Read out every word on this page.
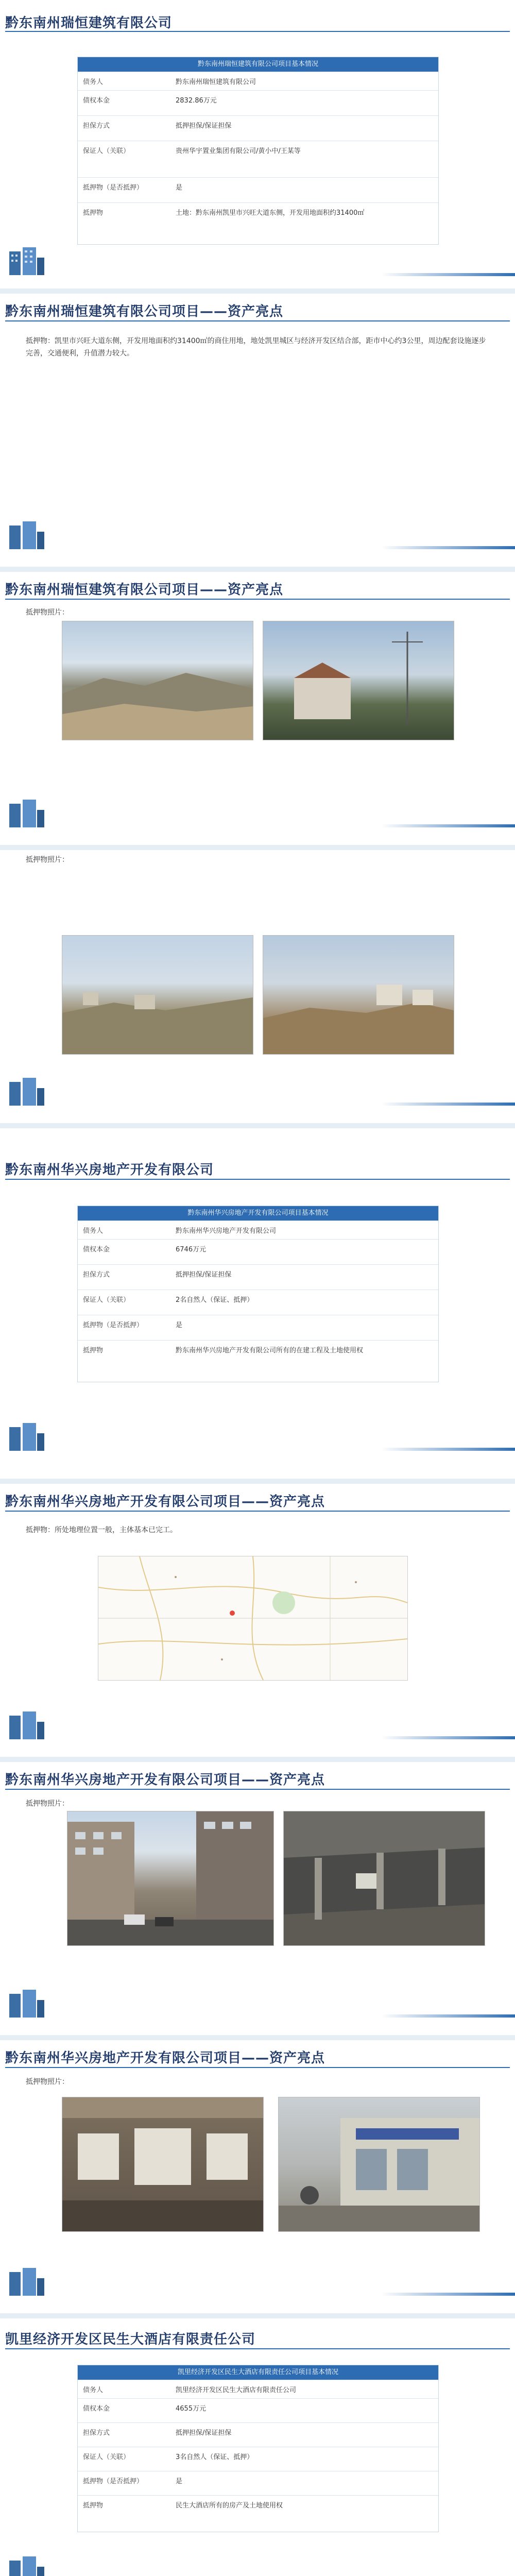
黔东南州瑞恒建筑有限公司
黔东南州瑞恒建筑有限公司项目基本情况
债务人	黔东南州瑞恒建筑有限公司
债权本金	2832.86万元
担保方式	抵押担保/保证担保
保证人（关联）	贵州华宇置业集团有限公司/黄小中/王某等
抵押物（是否抵押）	是
抵押物	土地：黔东南州凯里市兴旺大道东侧，开发用地面积约31400㎡
黔东南州瑞恒建筑有限公司项目——资产亮点
抵押物：凯里市兴旺大道东侧，开发用地面积约31400㎡的商住用地，地处凯里城区与经济开发区结合部，距市中心约3公里，周边配套设施逐步完善，交通便利，升值潜力较大。
黔东南州瑞恒建筑有限公司项目——资产亮点
抵押物照片：
抵押物照片：
黔东南州华兴房地产开发有限公司
黔东南州华兴房地产开发有限公司项目基本情况
债务人	黔东南州华兴房地产开发有限公司
债权本金	6746万元
担保方式	抵押担保/保证担保
保证人（关联）	2名自然人（保证、抵押）
抵押物（是否抵押）	是
抵押物	黔东南州华兴房地产开发有限公司所有的在建工程及土地使用权
黔东南州华兴房地产开发有限公司项目——资产亮点
抵押物：所处地理位置一般，主体基本已完工。
黔东南州华兴房地产开发有限公司项目——资产亮点
抵押物照片：
黔东南州华兴房地产开发有限公司项目——资产亮点
抵押物照片：
凯里经济开发区民生大酒店有限责任公司
凯里经济开发区民生大酒店有限责任公司项目基本情况
债务人	凯里经济开发区民生大酒店有限责任公司
债权本金	4655万元
担保方式	抵押担保/保证担保
保证人（关联）	3名自然人（保证、抵押）
抵押物（是否抵押）	是
抵押物	民生大酒店所有的房产及土地使用权
